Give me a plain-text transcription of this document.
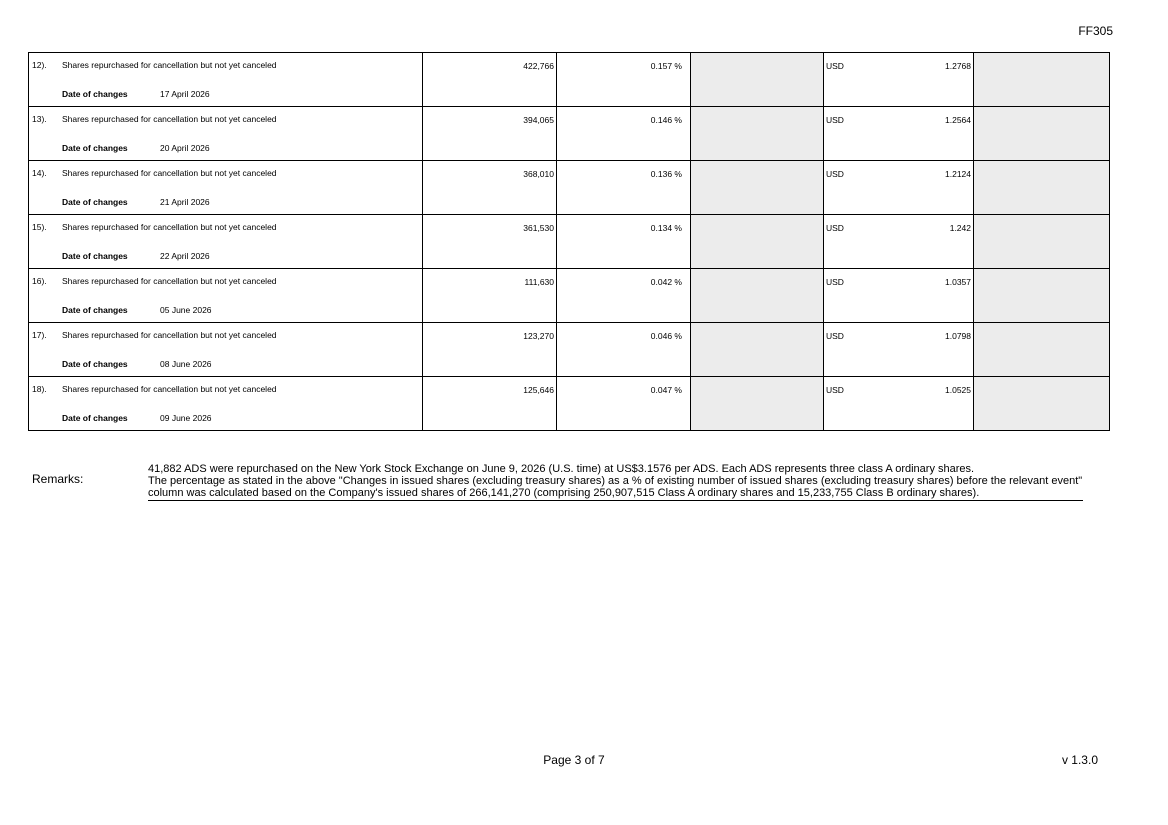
FF305
12). Shares repurchased for cancellation but not yet canceled
Date of changes 17 April 2026	422,766	0.157 %		USD 1.2768	

13). Shares repurchased for cancellation but not yet canceled
Date of changes 20 April 2026	394,065	0.146 %		USD 1.2564	

14). Shares repurchased for cancellation but not yet canceled
Date of changes 21 April 2026	368,010	0.136 %		USD 1.2124	

15). Shares repurchased for cancellation but not yet canceled
Date of changes 22 April 2026	361,530	0.134 %		USD 1.242	

16). Shares repurchased for cancellation but not yet canceled
Date of changes 05 June 2026	111,630	0.042 %		USD 1.0357	

17). Shares repurchased for cancellation but not yet canceled
Date of changes 08 June 2026	123,270	0.046 %		USD 1.0798	

18). Shares repurchased for cancellation but not yet canceled
Date of changes 09 June 2026	125,646	0.047 %		USD 1.0525	

Remarks:

41,882 ADS were repurchased on the New York Stock Exchange on June 9, 2026 (U.S. time) at US$3.1576 per ADS. Each ADS represents three class A ordinary shares.

The percentage as stated in the above "Changes in issued shares (excluding treasury shares) as a % of existing number of issued shares (excluding treasury shares) before the relevant event" column was calculated based on the Company's issued shares of 266,141,270 (comprising 250,907,515 Class A ordinary shares and 15,233,755 Class B ordinary shares).

Page 3 of 7	v 1.3.0
